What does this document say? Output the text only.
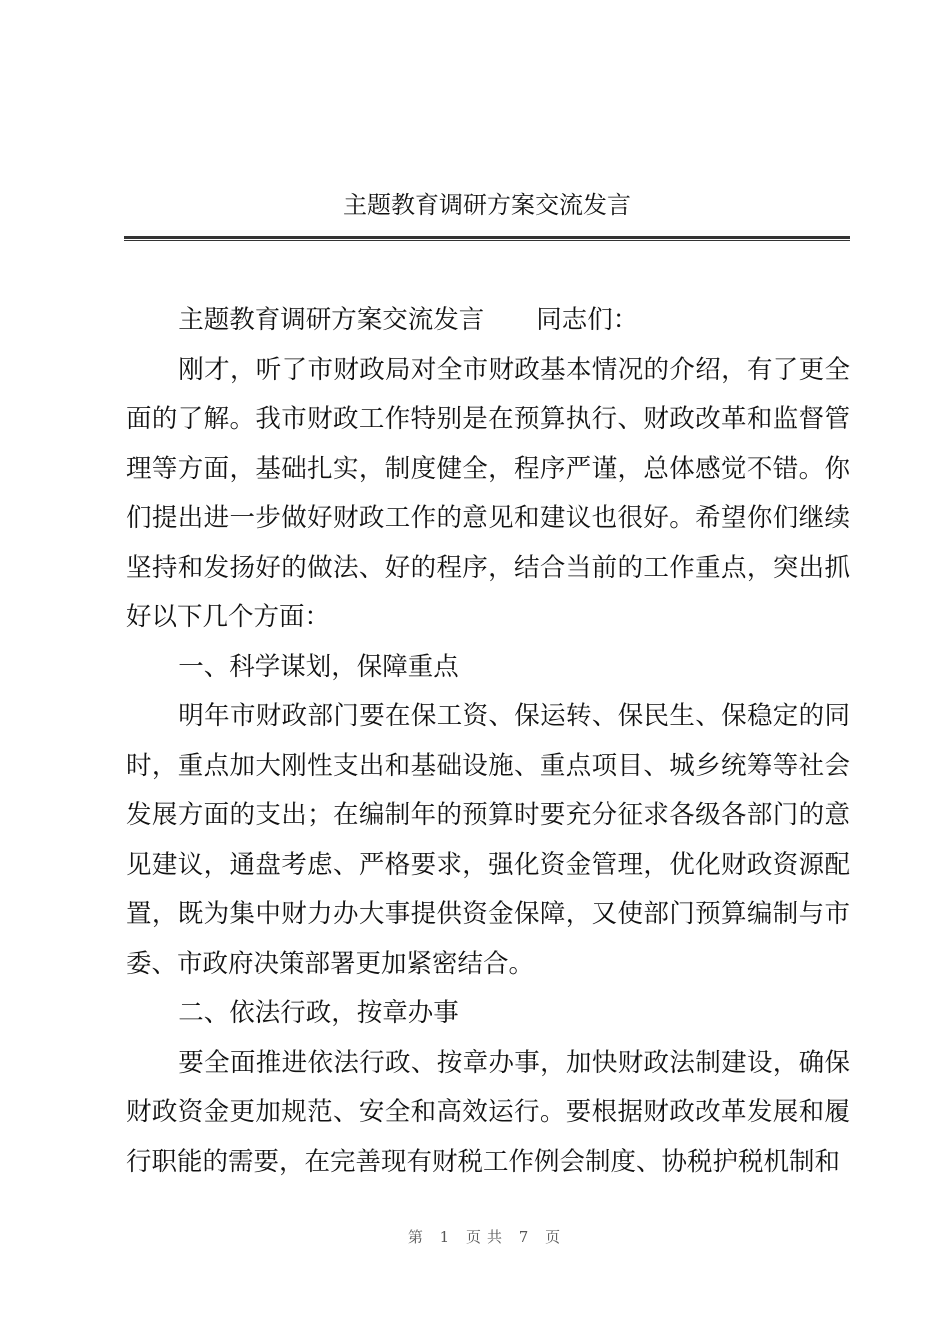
主题教育调研方案交流发言

主题教育调研方案交流发言 同志们：

刚才，听了市财政局对全市财政基本情况的介绍，有了更全面的了解。我市财政工作特别是在预算执行、财政改革和监督管理等方面，基础扎实，制度健全，程序严谨，总体感觉不错。你们提出进一步做好财政工作的意见和建议也很好。希望你们继续坚持和发扬好的做法、好的程序，结合当前的工作重点，突出抓好以下几个方面：

一、科学谋划，保障重点

明年市财政部门要在保工资、保运转、保民生、保稳定的同时，重点加大刚性支出和基础设施、重点项目、城乡统筹等社会发展方面的支出；在编制年的预算时要充分征求各级各部门的意见建议，通盘考虑、严格要求，强化资金管理，优化财政资源配置，既为集中财力办大事提供资金保障，又使部门预算编制与市委、市政府决策部署更加紧密结合。

二、依法行政，按章办事

要全面推进依法行政、按章办事，加快财政法制建设，确保财政资金更加规范、安全和高效运行。要根据财政改革发展和履行职能的需要，在完善现有财税工作例会制度、协税护税机制和

第 1 页共 7 页
